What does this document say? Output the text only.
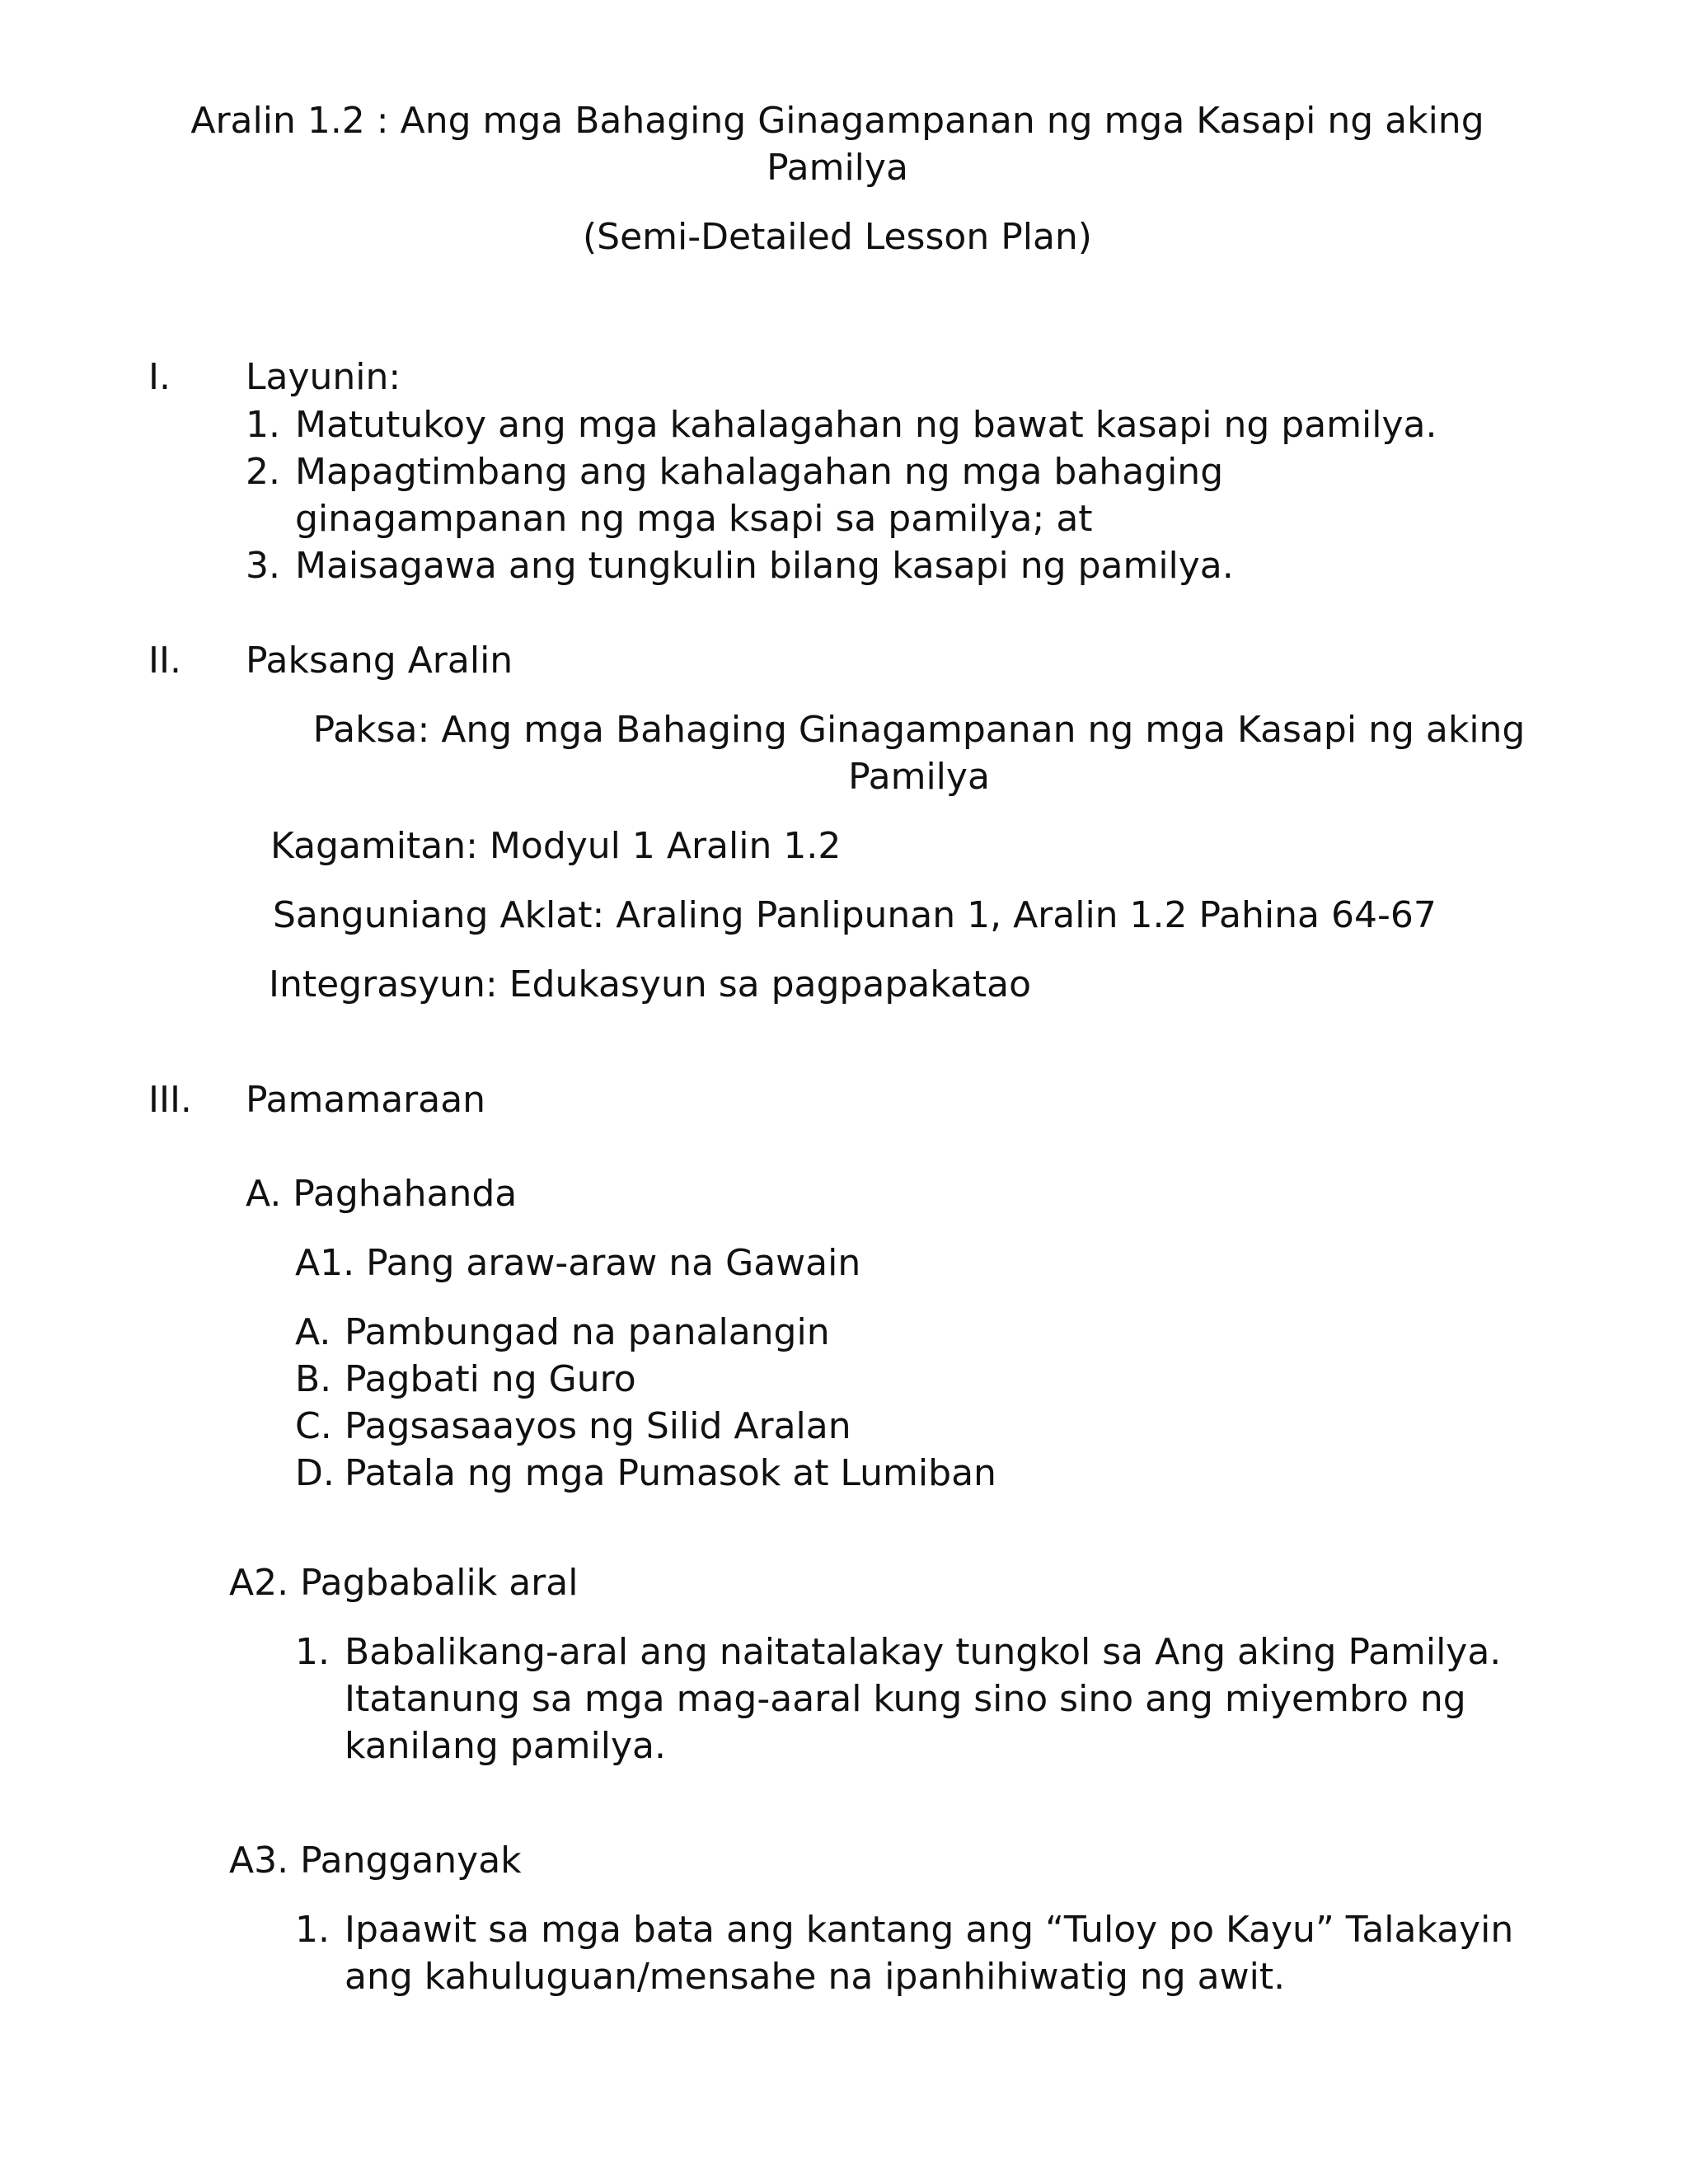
Aralin 1.2 : Ang mga Bahaging Ginagampanan ng mga Kasapi ng aking
Pamilya
(Semi-Detailed Lesson Plan)
I. Layunin:
1. Matutukoy ang mga kahalagahan ng bawat kasapi ng pamilya.
2. Mapagtimbang ang kahalagahan ng mga bahaging
ginagampanan ng mga ksapi sa pamilya; at
3. Maisagawa ang tungkulin bilang kasapi ng pamilya.
II. Paksang Aralin
Paksa: Ang mga Bahaging Ginagampanan ng mga Kasapi ng aking
Pamilya
Kagamitan: Modyul 1 Aralin 1.2
Sanguniang Aklat: Araling Panlipunan 1, Aralin 1.2 Pahina 64-67
Integrasyun: Edukasyun sa pagpapakatao
III. Pamamaraan
A. Paghahanda
A1. Pang araw-araw na Gawain
A. Pambungad na panalangin
B. Pagbati ng Guro
C. Pagsasaayos ng Silid Aralan
D. Patala ng mga Pumasok at Lumiban
A2. Pagbabalik aral
1. Babalikang-aral ang naitatalakay tungkol sa Ang aking Pamilya.
Itatanung sa mga mag-aaral kung sino sino ang miyembro ng
kanilang pamilya.
A3. Pangganyak
1. Ipaawit sa mga bata ang kantang ang “Tuloy po Kayu” Talakayin
ang kahuluguan/mensahe na ipanhihiwatig ng awit.
